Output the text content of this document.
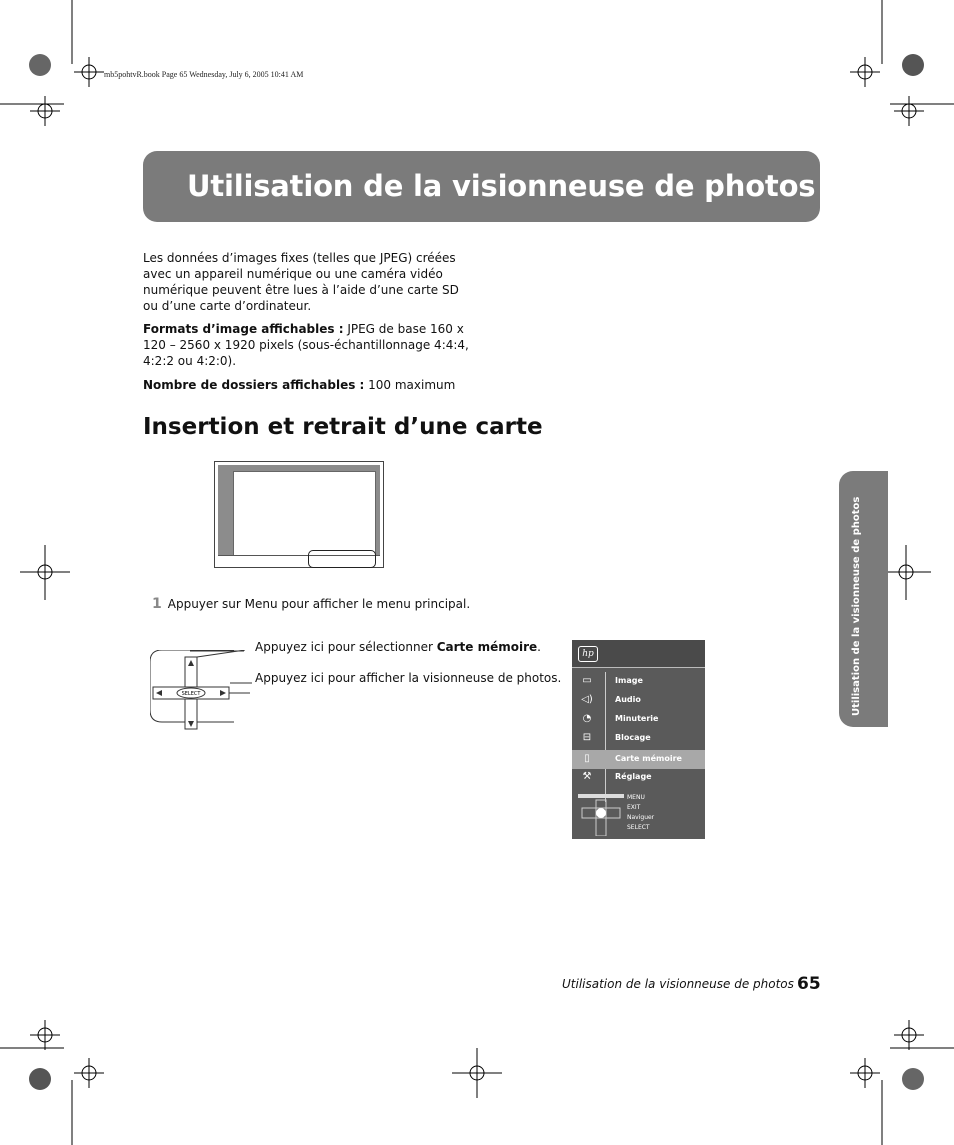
mb5pohtvR.book Page 65 Wednesday, July 6, 2005 10:41 AM
Utilisation de la visionneuse de photos
Les données d’images fixes (telles que JPEG) créées avec un appareil numérique ou une caméra vidéo numérique peuvent être lues à l’aide d’une carte SD ou d’une carte d’ordinateur.
Formats d’image affichables : JPEG de base 160 x 120 – 2560 x 1920 pixels (sous-échantillonnage 4:4:4, 4:2:2 ou 4:2:0).
Nombre de dossiers affichables : 100 maximum
Insertion et retrait d’une carte
1 Appuyer sur Menu pour afficher le menu principal.
SELECT
Appuyez ici pour sélectionner Carte mémoire.
Appuyez ici pour afficher la visionneuse de photos.
hp
▭	Image
◁)	Audio
◔	Minuterie
⊟	Blocage
▯	Carte mémoire
⚒	Réglage
MENU
EXIT
Naviguer
SELECT
Utilisation de la visionneuse de photos
Utilisation de la visionneuse de photos 65
